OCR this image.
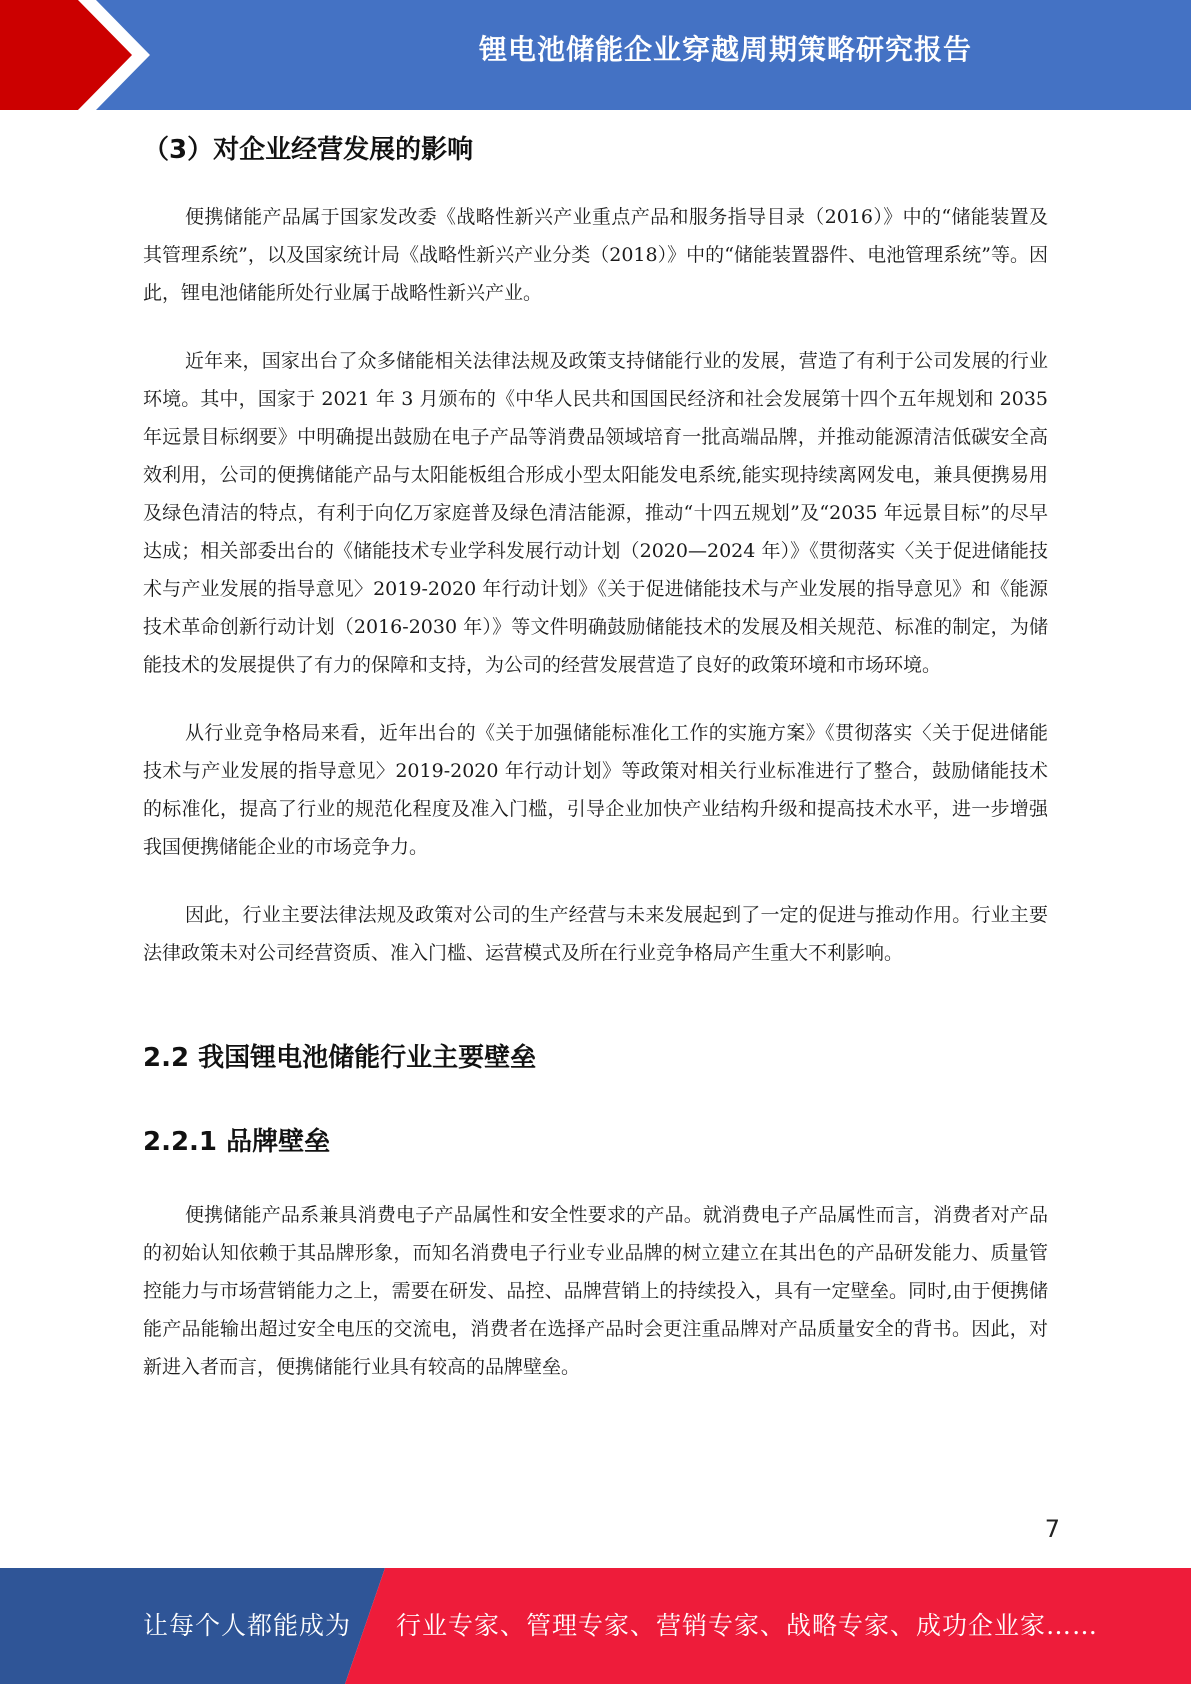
锂电池储能企业穿越周期策略研究报告
（3）对企业经营发展的影响

便携储能产品属于国家发改委《战略性新兴产业重点产品和服务指导目录（2016）》中的“储能装置及其管理系统”，以及国家统计局《战略性新兴产业分类（2018）》中的“储能装置器件、电池管理系统”等。因此，锂电池储能所处行业属于战略性新兴产业。

近年来，国家出台了众多储能相关法律法规及政策支持储能行业的发展，营造了有利于公司发展的行业环境。其中，国家于 2021 年 3 月颁布的《中华人民共和国国民经济和社会发展第十四个五年规划和 2035 年远景目标纲要》中明确提出鼓励在电子产品等消费品领域培育一批高端品牌，并推动能源清洁低碳安全高效利用，公司的便携储能产品与太阳能板组合形成小型太阳能发电系统,能实现持续离网发电，兼具便携易用及绿色清洁的特点，有利于向亿万家庭普及绿色清洁能源，推动“十四五规划”及“2035 年远景目标”的尽早达成；相关部委出台的《储能技术专业学科发展行动计划（2020—2024 年）》《贯彻落实〈关于促进储能技术与产业发展的指导意见〉2019-2020 年行动计划》《关于促进储能技术与产业发展的指导意见》和《能源技术革命创新行动计划（2016-2030 年）》等文件明确鼓励储能技术的发展及相关规范、标准的制定，为储能技术的发展提供了有力的保障和支持，为公司的经营发展营造了良好的政策环境和市场环境。

从行业竞争格局来看，近年出台的《关于加强储能标准化工作的实施方案》《贯彻落实〈关于促进储能技术与产业发展的指导意见〉2019-2020 年行动计划》等政策对相关行业标准进行了整合，鼓励储能技术的标准化，提高了行业的规范化程度及准入门槛，引导企业加快产业结构升级和提高技术水平，进一步增强我国便携储能企业的市场竞争力。

因此，行业主要法律法规及政策对公司的生产经营与未来发展起到了一定的促进与推动作用。行业主要法律政策未对公司经营资质、准入门槛、运营模式及所在行业竞争格局产生重大不利影响。

2.2 我国锂电池储能行业主要壁垒
2.2.1 品牌壁垒

便携储能产品系兼具消费电子产品属性和安全性要求的产品。就消费电子产品属性而言，消费者对产品的初始认知依赖于其品牌形象，而知名消费电子行业专业品牌的树立建立在其出色的产品研发能力、质量管控能力与市场营销能力之上，需要在研发、品控、品牌营销上的持续投入，具有一定壁垒。同时,由于便携储能产品能输出超过安全电压的交流电，消费者在选择产品时会更注重品牌对产品质量安全的背书。因此，对新进入者而言，便携储能行业具有较高的品牌壁垒。

7
让每个人都能成为 行业专家、管理专家、营销专家、战略专家、成功企业家……
